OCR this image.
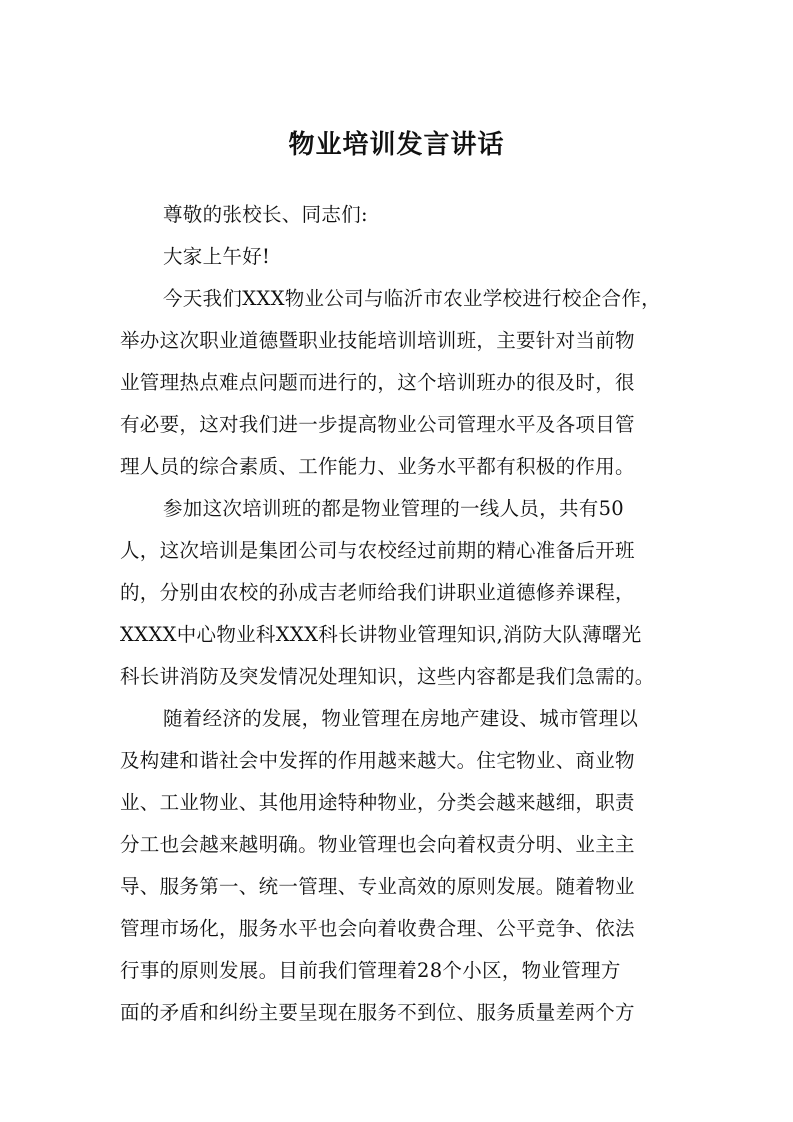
物业培训发言讲话
尊敬的张校长、同志们:
大家上午好!
今天我们XXX物业公司与临沂市农业学校进行校企合作，
举办这次职业道德暨职业技能培训培训班，主要针对当前物
业管理热点难点问题而进行的，这个培训班办的很及时，很
有必要，这对我们进一步提高物业公司管理水平及各项目管
理人员的综合素质、工作能力、业务水平都有积极的作用。
参加这次培训班的都是物业管理的一线人员，共有50
人，这次培训是集团公司与农校经过前期的精心准备后开班
的，分别由农校的孙成吉老师给我们讲职业道德修养课程，
XXXX中心物业科XXX科长讲物业管理知识,消防大队薄曙光
科长讲消防及突发情况处理知识，这些内容都是我们急需的。
随着经济的发展，物业管理在房地产建设、城市管理以
及构建和谐社会中发挥的作用越来越大。住宅物业、商业物
业、工业物业、其他用途特种物业，分类会越来越细，职责
分工也会越来越明确。物业管理也会向着权责分明、业主主
导、服务第一、统一管理、专业高效的原则发展。随着物业
管理市场化，服务水平也会向着收费合理、公平竞争、依法
行事的原则发展。目前我们管理着28个小区，物业管理方
面的矛盾和纠纷主要呈现在服务不到位、服务质量差两个方
